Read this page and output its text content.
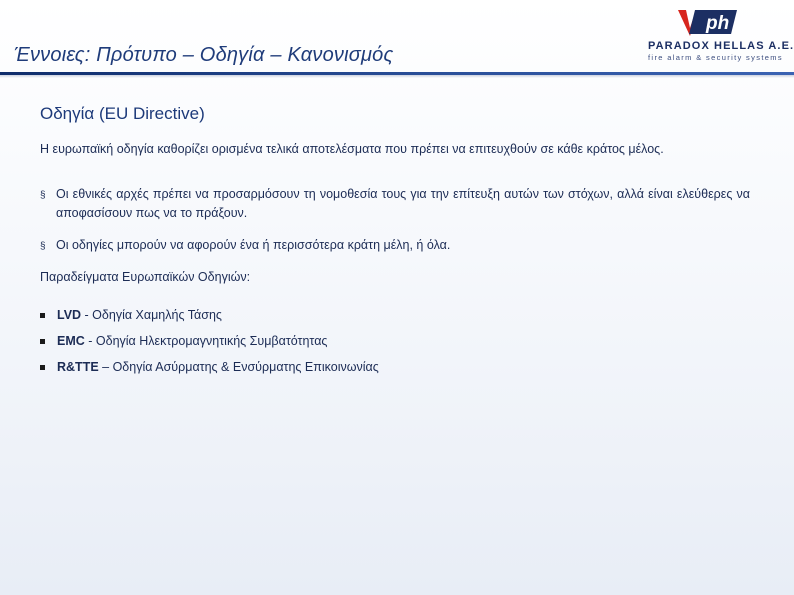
Έννοιες: Πρότυπο – Οδηγία – Κανονισμός
ph
PARADOX HELLAS A.E.
fire alarm & security systems
Οδηγία (EU Directive)

Η ευρωπαϊκή οδηγία καθορίζει ορισμένα τελικά αποτελέσματα που πρέπει να επιτευχθούν σε κάθε κράτος μέλος.

§ Οι εθνικές αρχές πρέπει να προσαρμόσουν τη νομοθεσία τους για την επίτευξη αυτών των στόχων, αλλά είναι ελεύθερες να αποφασίσουν πως να το πράξουν.
§ Οι οδηγίες μπορούν να αφορούν ένα ή περισσότερα κράτη μέλη, ή όλα.

Παραδείγματα Ευρωπαϊκών Οδηγιών:

LVD - Οδηγία Χαμηλής Τάσης
EMC - Οδηγία Ηλεκτρομαγνητικής Συμβατότητας
R&TTE – Οδηγία Ασύρματης & Ενσύρματης Επικοινωνίας
